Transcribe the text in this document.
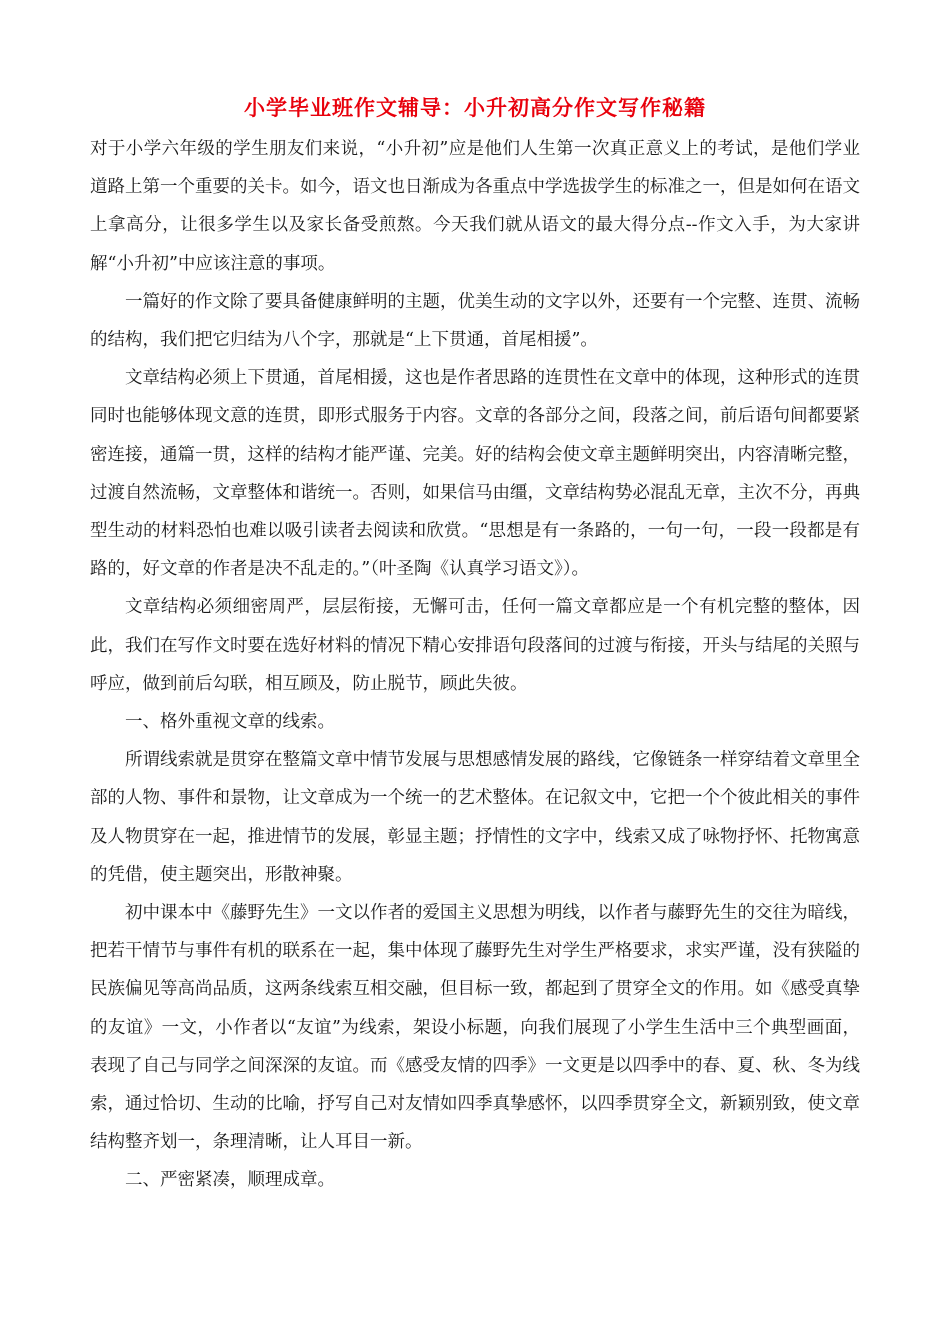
小学毕业班作文辅导：小升初高分作文写作秘籍

对于小学六年级的学生朋友们来说，“小升初”应是他们人生第一次真正意义上的考试，是他们学业道路上第一个重要的关卡。如今，语文也日渐成为各重点中学选拔学生的标准之一，但是如何在语文上拿高分，让很多学生以及家长备受煎熬。今天我们就从语文的最大得分点--作文入手，为大家讲解“小升初”中应该注意的事项。

一篇好的作文除了要具备健康鲜明的主题，优美生动的文字以外，还要有一个完整、连贯、流畅的结构，我们把它归结为八个字，那就是“上下贯通，首尾相援”。

文章结构必须上下贯通，首尾相援，这也是作者思路的连贯性在文章中的体现，这种形式的连贯同时也能够体现文意的连贯，即形式服务于内容。文章的各部分之间，段落之间，前后语句间都要紧密连接，通篇一贯，这样的结构才能严谨、完美。好的结构会使文章主题鲜明突出，内容清晰完整，过渡自然流畅，文章整体和谐统一。否则，如果信马由缰，文章结构势必混乱无章，主次不分，再典型生动的材料恐怕也难以吸引读者去阅读和欣赏。“思想是有一条路的，一句一句，一段一段都是有路的，好文章的作者是决不乱走的。”（叶圣陶《认真学习语文》）。

文章结构必须细密周严，层层衔接，无懈可击，任何一篇文章都应是一个有机完整的整体，因此，我们在写作文时要在选好材料的情况下精心安排语句段落间的过渡与衔接，开头与结尾的关照与呼应，做到前后勾联，相互顾及，防止脱节，顾此失彼。

一、格外重视文章的线索。

所谓线索就是贯穿在整篇文章中情节发展与思想感情发展的路线，它像链条一样穿结着文章里全部的人物、事件和景物，让文章成为一个统一的艺术整体。在记叙文中，它把一个个彼此相关的事件及人物贯穿在一起，推进情节的发展，彰显主题；抒情性的文字中，线索又成了咏物抒怀、托物寓意的凭借，使主题突出，形散神聚。

初中课本中《藤野先生》一文以作者的爱国主义思想为明线，以作者与藤野先生的交往为暗线，把若干情节与事件有机的联系在一起，集中体现了藤野先生对学生严格要求，求实严谨，没有狭隘的民族偏见等高尚品质，这两条线索互相交融，但目标一致，都起到了贯穿全文的作用。如《感受真挚的友谊》一文，小作者以“友谊”为线索，架设小标题，向我们展现了小学生生活中三个典型画面，表现了自己与同学之间深深的友谊。而《感受友情的四季》一文更是以四季中的春、夏、秋、冬为线索，通过恰切、生动的比喻，抒写自己对友情如四季真挚感怀，以四季贯穿全文，新颖别致，使文章结构整齐划一，条理清晰，让人耳目一新。

二、严密紧凑，顺理成章。
